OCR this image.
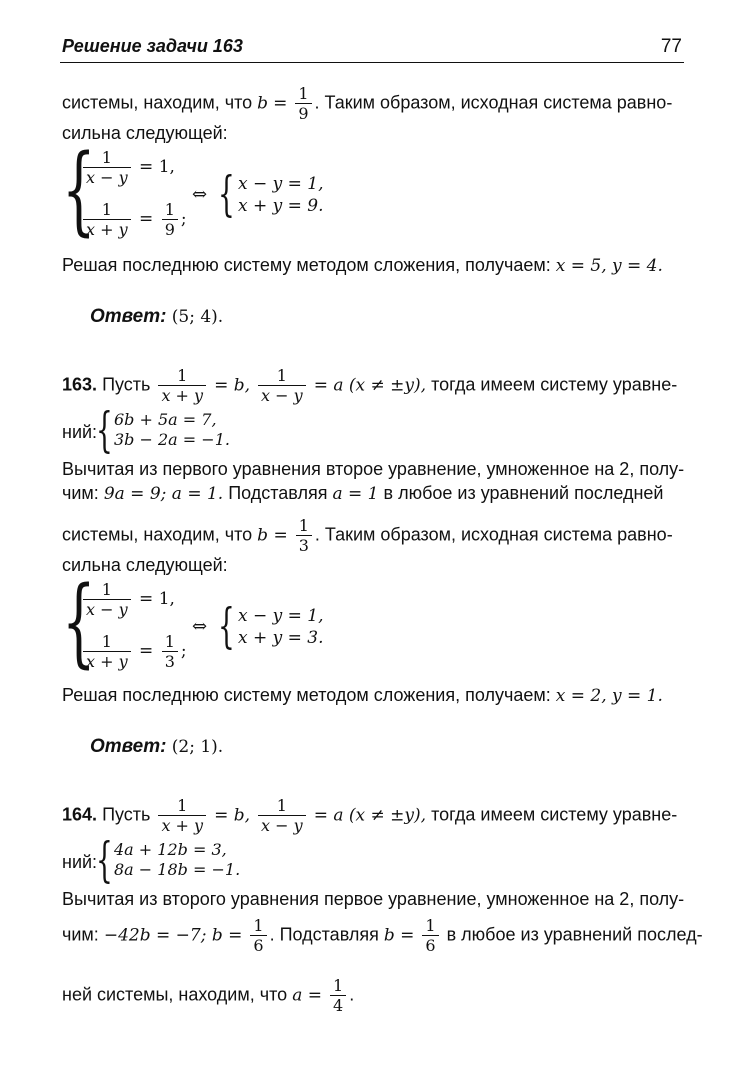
Решение задачи 163	77
системы, находим, что $b = \frac{1}{9}$ . Таким образом, исходная система равно-
сильна следующей:
{
$\frac{1}{x - y} = 1$,
$\frac{1}{x + y} = \frac{1}{9}$ ;
⇔ { x − y = 1,
x + y = 9.
Решая последнюю систему методом сложения, получаем: x = 5, y = 4.
Ответ: (5; 4).
163. Пусть $\frac{1}{x + y} = b$, $\frac{1}{x - y} = a$ (x ≠ ±y), тогда имеем систему уравне-
ний:
{ 6b + 5a = 7,
3b − 2a = −1.
Вычитая из первого уравнения второе уравнение, умноженное на 2, полу-
чим: 9a = 9; a = 1. Подставляя a = 1 в любое из уравнений последней
системы, находим, что $b = \frac{1}{3}$ . Таким образом, исходная система равно-
сильна следующей:
{
$\frac{1}{x - y} = 1$,
$\frac{1}{x + y} = \frac{1}{3}$ ;
⇔ { x − y = 1,
x + y = 3.
Решая последнюю систему методом сложения, получаем: x = 2, y = 1.
Ответ: (2; 1).
164. Пусть $\frac{1}{x + y} = b$, $\frac{1}{x - y} = a$ (x ≠ ±y), тогда имеем систему уравне-
ний:
{ 4a + 12b = 3,
8a − 18b = −1.
Вычитая из второго уравнения первое уравнение, умноженное на 2, полу-
чим: −42b = −7; $b = \frac{1}{6}$ . Подставляя $b = \frac{1}{6}$ в любое из уравнений послед-
ней системы, находим, что $a = \frac{1}{4}$ .
